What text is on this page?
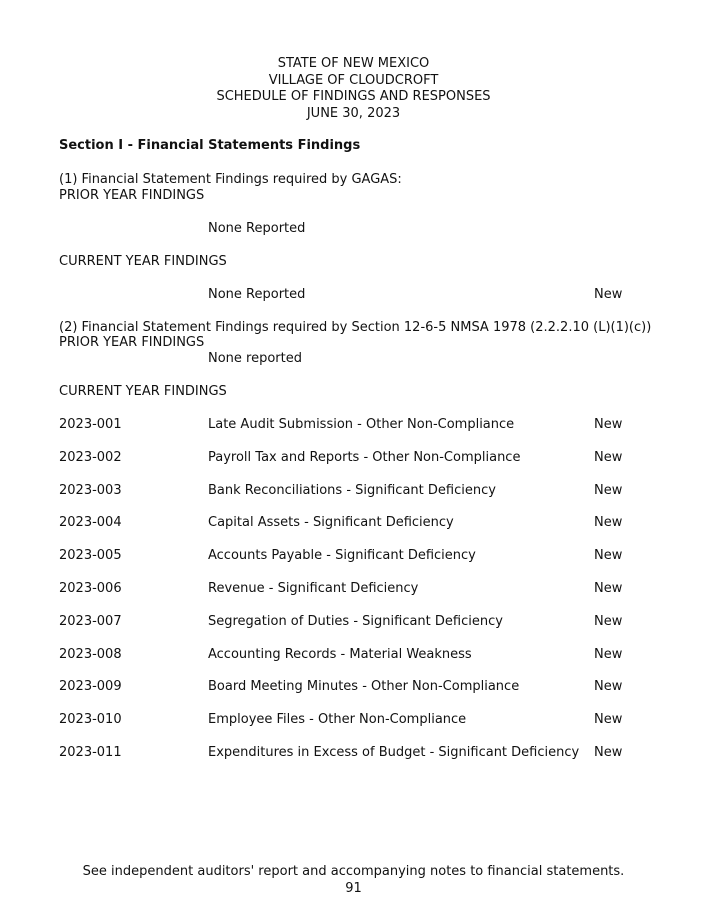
STATE OF NEW MEXICO
VILLAGE OF CLOUDCROFT
SCHEDULE OF FINDINGS AND RESPONSES
JUNE 30, 2023
Section I - Financial Statements Findings
(1) Financial Statement Findings required by GAGAS:
PRIOR YEAR FINDINGS
None Reported
CURRENT YEAR FINDINGS
None Reported	New
(2) Financial Statement Findings required by Section 12-6-5 NMSA 1978 (2.2.2.10 (L)(1)(c))
PRIOR YEAR FINDINGS
None reported
CURRENT YEAR FINDINGS
2023-001	Late Audit Submission - Other Non-Compliance	New
2023-002	Payroll Tax and Reports - Other Non-Compliance	New
2023-003	Bank Reconciliations - Significant Deficiency	New
2023-004	Capital Assets - Significant Deficiency	New
2023-005	Accounts Payable - Significant Deficiency	New
2023-006	Revenue - Significant Deficiency	New
2023-007	Segregation of Duties - Significant Deficiency	New
2023-008	Accounting Records - Material Weakness	New
2023-009	Board Meeting Minutes - Other Non-Compliance	New
2023-010	Employee Files - Other Non-Compliance	New
2023-011	Expenditures in Excess of Budget - Significant Deficiency New
See independent auditors' report and accompanying notes to financial statements.
91
